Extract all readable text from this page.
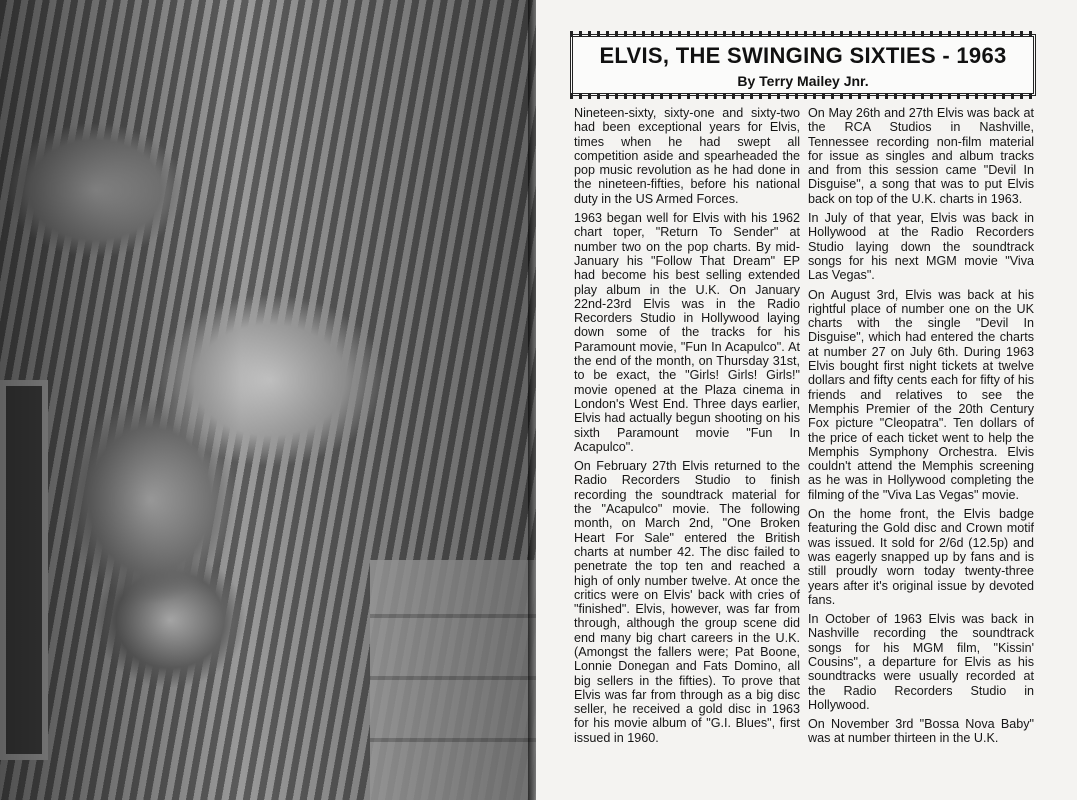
ELVIS, THE SWINGING SIXTIES - 1963
By Terry Mailey Jnr.

Nineteen-sixty, sixty-one and sixty-two had been exceptional years for Elvis, times when he had swept all competition aside and spearheaded the pop music revolution as he had done in the nineteen-fifties, before his national duty in the US Armed Forces.

1963 began well for Elvis with his 1962 chart toper, "Return To Sender" at number two on the pop charts. By mid-January his "Follow That Dream" EP had become his best selling extended play album in the U.K. On January 22nd-23rd Elvis was in the Radio Recorders Studio in Hollywood laying down some of the tracks for his Paramount movie, "Fun In Acapulco". At the end of the month, on Thursday 31st, to be exact, the "Girls! Girls! Girls!" movie opened at the Plaza cinema in London's West End. Three days earlier, Elvis had actually begun shooting on his sixth Paramount movie "Fun In Acapulco".

On February 27th Elvis returned to the Radio Recorders Studio to finish recording the soundtrack material for the "Acapulco" movie. The following month, on March 2nd, "One Broken Heart For Sale" entered the British charts at number 42. The disc failed to penetrate the top ten and reached a high of only number twelve. At once the critics were on Elvis' back with cries of "finished". Elvis, however, was far from through, although the group scene did end many big chart careers in the U.K. (Amongst the fallers were; Pat Boone, Lonnie Donegan and Fats Domino, all big sellers in the fifties). To prove that Elvis was far from through as a big disc seller, he received a gold disc in 1963 for his movie album of "G.I. Blues", first issued in 1960.

On May 26th and 27th Elvis was back at the RCA Studios in Nashville, Tennessee recording non-film material for issue as singles and album tracks and from this session came "Devil In Disguise", a song that was to put Elvis back on top of the U.K. charts in 1963.

In July of that year, Elvis was back in Hollywood at the Radio Recorders Studio laying down the soundtrack songs for his next MGM movie "Viva Las Vegas".

On August 3rd, Elvis was back at his rightful place of number one on the UK charts with the single "Devil In Disguise", which had entered the charts at number 27 on July 6th. During 1963 Elvis bought first night tickets at twelve dollars and fifty cents each for fifty of his friends and relatives to see the Memphis Premier of the 20th Century Fox picture "Cleopatra". Ten dollars of the price of each ticket went to help the Memphis Symphony Orchestra. Elvis couldn't attend the Memphis screening as he was in Hollywood completing the filming of the "Viva Las Vegas" movie.

On the home front, the Elvis badge featuring the Gold disc and Crown motif was issued. It sold for 2/6d (12.5p) and was eagerly snapped up by fans and is still proudly worn today twenty-three years after it's original issue by devoted fans.

In October of 1963 Elvis was back in Nashville recording the soundtrack songs for his MGM film, "Kissin' Cousins", a departure for Elvis as his soundtracks were usually recorded at the Radio Recorders Studio in Hollywood.

On November 3rd "Bossa Nova Baby" was at number thirteen in the U.K.
